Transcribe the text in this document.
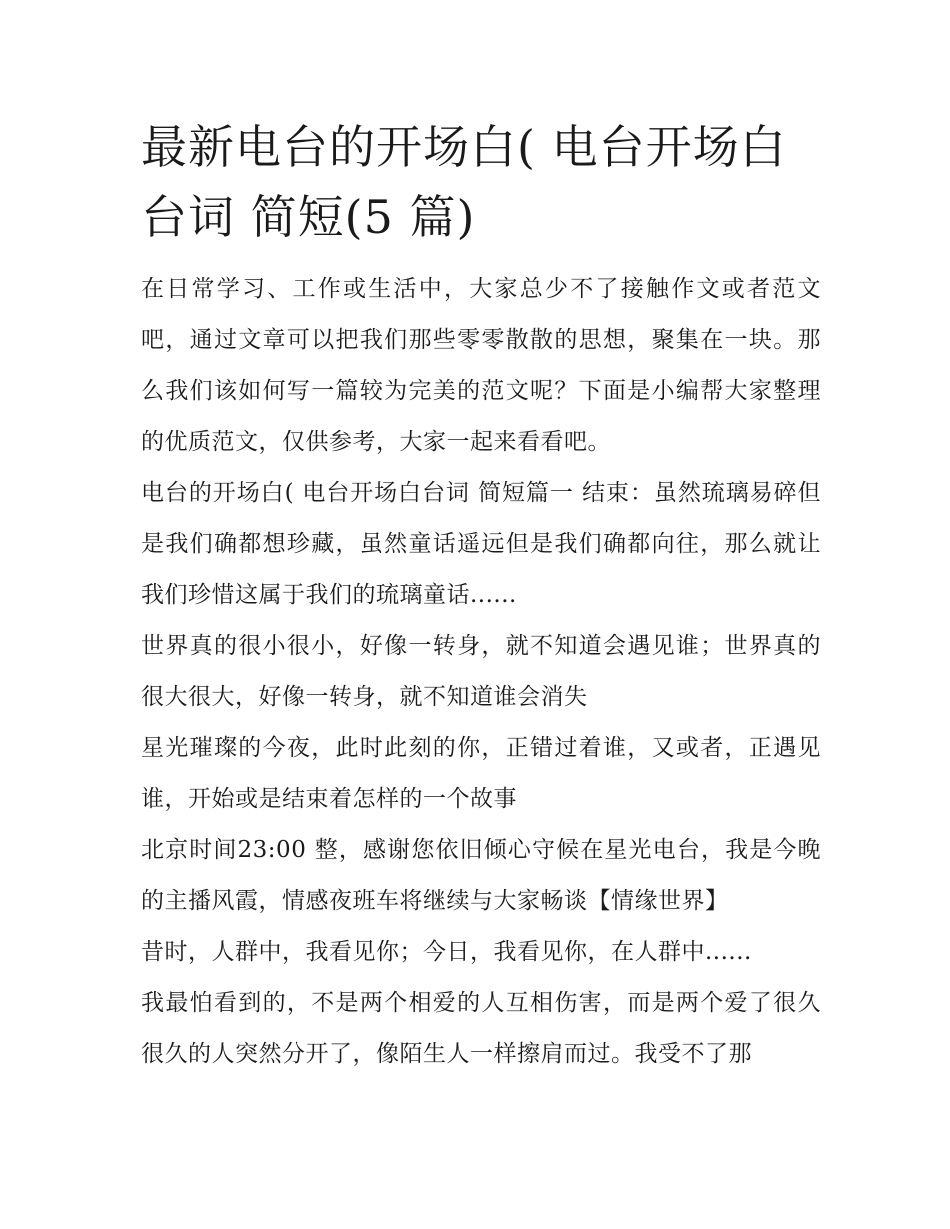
最新电台的开场白( 电台开场白台词 简短(5 篇)

在日常学习、工作或生活中，大家总少不了接触作文或者范文吧，通过文章可以把我们那些零零散散的思想，聚集在一块。那么我们该如何写一篇较为完美的范文呢？下面是小编帮大家整理的优质范文，仅供参考，大家一起来看看吧。

电台的开场白( 电台开场白台词 简短篇一 结束：虽然琉璃易碎但是我们确都想珍藏，虽然童话遥远但是我们确都向往，那么就让我们珍惜这属于我们的琉璃童话......

世界真的很小很小，好像一转身，就不知道会遇见谁；世界真的很大很大，好像一转身，就不知道谁会消失

星光璀璨的今夜，此时此刻的你，正错过着谁，又或者，正遇见谁，开始或是结束着怎样的一个故事

北京时间23:00 整，感谢您依旧倾心守候在星光电台，我是今晚的主播风霞，情感夜班车将继续与大家畅谈【情缘世界】

昔时，人群中，我看见你；今日，我看见你，在人群中......

我最怕看到的，不是两个相爱的人互相伤害，而是两个爱了很久很久的人突然分开了，像陌生人一样擦肩而过。我受不了那
